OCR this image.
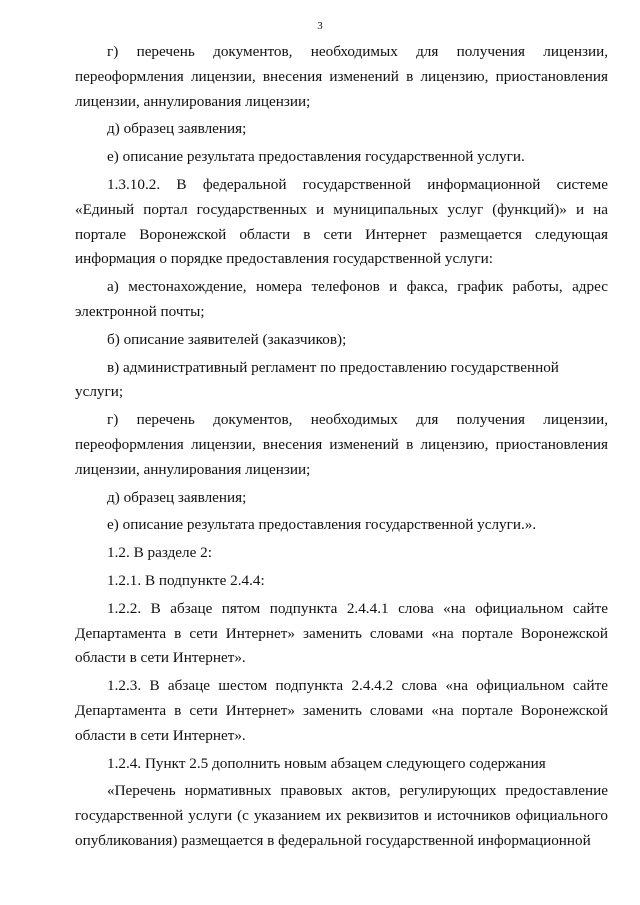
3

г) перечень документов, необходимых для получения лицензии, переоформления лицензии, внесения изменений в лицензию, приостановления лицензии, аннулирования лицензии;

д) образец заявления;

е) описание результата предоставления государственной услуги.

1.3.10.2. В федеральной государственной информационной системе «Единый портал государственных и муниципальных услуг (функций)» и на портале Воронежской области в сети Интернет размещается следующая информация о порядке предоставления государственной услуги:

а) местонахождение, номера телефонов и факса, график работы, адрес электронной почты;

б) описание заявителей (заказчиков);

в) административный регламент по предоставлению государственной услуги;

г) перечень документов, необходимых для получения лицензии, переоформления лицензии, внесения изменений в лицензию, приостановления лицензии, аннулирования лицензии;

д) образец заявления;

е) описание результата предоставления государственной услуги.».

1.2. В разделе 2:

1.2.1. В подпункте 2.4.4:

1.2.2. В абзаце пятом подпункта 2.4.4.1 слова «на официальном сайте Департамента в сети Интернет» заменить словами «на портале Воронежской области в сети Интернет».

1.2.3. В абзаце шестом подпункта 2.4.4.2 слова «на официальном сайте Департамента в сети Интернет» заменить словами «на портале Воронежской области в сети Интернет».

1.2.4. Пункт 2.5 дополнить новым абзацем следующего содержания

«Перечень нормативных правовых актов, регулирующих предоставление государственной услуги (с указанием их реквизитов и источников официального опубликования) размещается в федеральной государственной информационной
